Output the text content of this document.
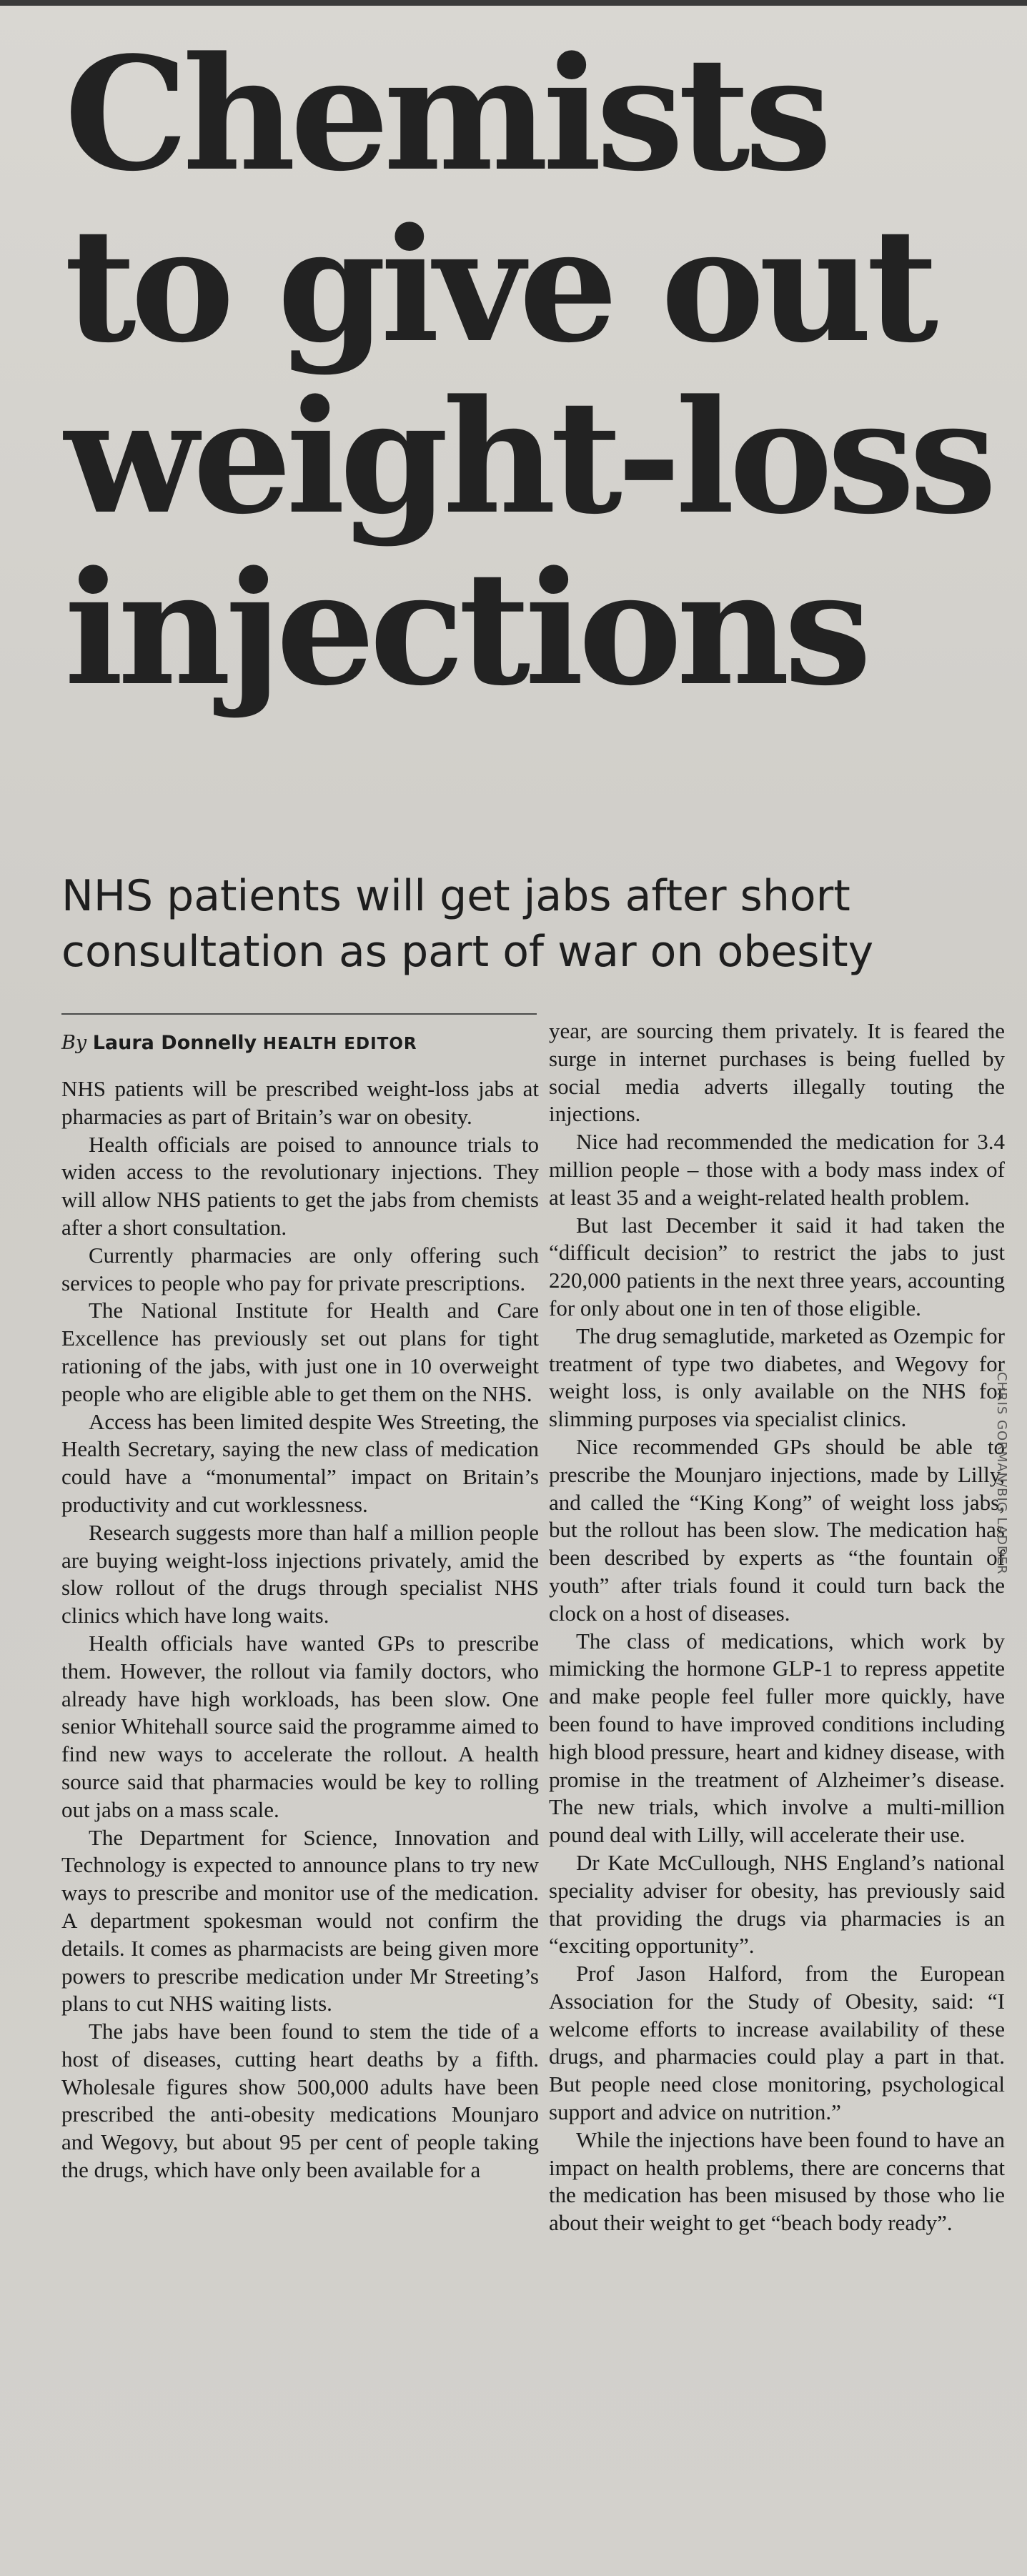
Chemists
to give out
weight-loss
injections
NHS patients will get jabs after short
consultation as part of war on obesity
By Laura Donnelly HEALTH EDITOR

NHS patients will be prescribed weight-loss jabs at pharmacies as part of Britain’s war on obesity.

Health officials are poised to announce trials to widen access to the revolutionary injections. They will allow NHS patients to get the jabs from chemists after a short consultation.

Currently pharmacies are only offering such services to people who pay for private prescriptions.

The National Institute for Health and Care Excellence has previously set out plans for tight rationing of the jabs, with just one in 10 overweight people who are eligible able to get them on the NHS.

Access has been limited despite Wes Streeting, the Health Secretary, saying the new class of medication could have a “monumental” impact on Britain’s productivity and cut worklessness.

Research suggests more than half a million people are buying weight-loss injections privately, amid the slow rollout of the drugs through specialist NHS clinics which have long waits.

Health officials have wanted GPs to prescribe them. However, the rollout via family doctors, who already have high workloads, has been slow. One senior Whitehall source said the programme aimed to find new ways to accelerate the rollout. A health source said that pharmacies would be key to rolling out jabs on a mass scale.

The Department for Science, Innovation and Technology is expected to announce plans to try new ways to prescribe and monitor use of the medication. A department spokesman would not confirm the details. It comes as pharmacists are being given more powers to prescribe medication under Mr Streeting’s plans to cut NHS waiting lists.

The jabs have been found to stem the tide of a host of diseases, cutting heart deaths by a fifth. Wholesale figures show 500,000 adults have been prescribed the anti-obesity medications Mounjaro and Wegovy, but about 95 per cent of people taking the drugs, which have only been available for a

year, are sourcing them privately. It is feared the surge in internet purchases is being fuelled by social media adverts illegally touting the injections.

Nice had recommended the medication for 3.4 million people – those with a body mass index of at least 35 and a weight-related health problem.

But last December it said it had taken the “difficult decision” to restrict the jabs to just 220,000 patients in the next three years, accounting for only about one in ten of those eligible.

The drug semaglutide, marketed as Ozempic for treatment of type two diabetes, and Wegovy for weight loss, is only available on the NHS for slimming purposes via specialist clinics.

Nice recommended GPs should be able to prescribe the Mounjaro injections, made by Lilly, and called the “King Kong” of weight loss jabs, but the rollout has been slow. The medication has been described by experts as “the fountain of youth” after trials found it could turn back the clock on a host of diseases.

The class of medications, which work by mimicking the hormone GLP-1 to repress appetite and make people feel fuller more quickly, have been found to have improved conditions including high blood pressure, heart and kidney disease, with promise in the treatment of Alzheimer’s disease. The new trials, which involve a multi-million pound deal with Lilly, will accelerate their use.

Dr Kate McCullough, NHS England’s national speciality adviser for obesity, has previously said that providing the drugs via pharmacies is an “exciting opportunity”.

Prof Jason Halford, from the European Association for the Study of Obesity, said: “I welcome efforts to increase availability of these drugs, and pharmacies could play a part in that. But people need close monitoring, psychological support and advice on nutrition.”

While the injections have been found to have an impact on health problems, there are concerns that the medication has been misused by those who lie about their weight to get “beach body ready”.

CHRIS GORMAN/BIG LADDER
